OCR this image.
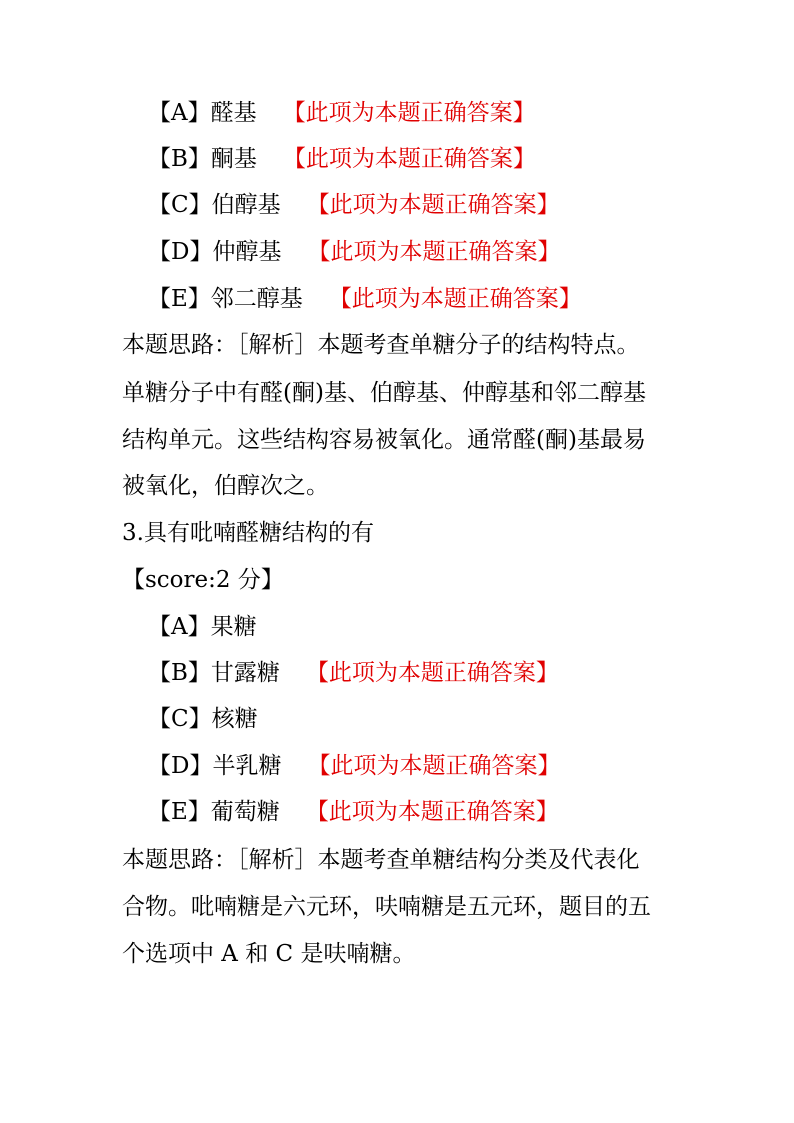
【A】醛基 【此项为本题正确答案】
【B】酮基 【此项为本题正确答案】
【C】伯醇基 【此项为本题正确答案】
【D】仲醇基 【此项为本题正确答案】
【E】邻二醇基 【此项为本题正确答案】
本题思路：［解析］本题考查单糖分子的结构特点。
单糖分子中有醛(酮)基、伯醇基、仲醇基和邻二醇基
结构单元。这些结构容易被氧化。通常醛(酮)基最易
被氧化，伯醇次之。
3.具有吡喃醛糖结构的有
【score:2 分】
【A】果糖
【B】甘露糖 【此项为本题正确答案】
【C】核糖
【D】半乳糖 【此项为本题正确答案】
【E】葡萄糖 【此项为本题正确答案】
本题思路：［解析］本题考查单糖结构分类及代表化
合物。吡喃糖是六元环，呋喃糖是五元环，题目的五
个选项中 A 和 C 是呋喃糖。
